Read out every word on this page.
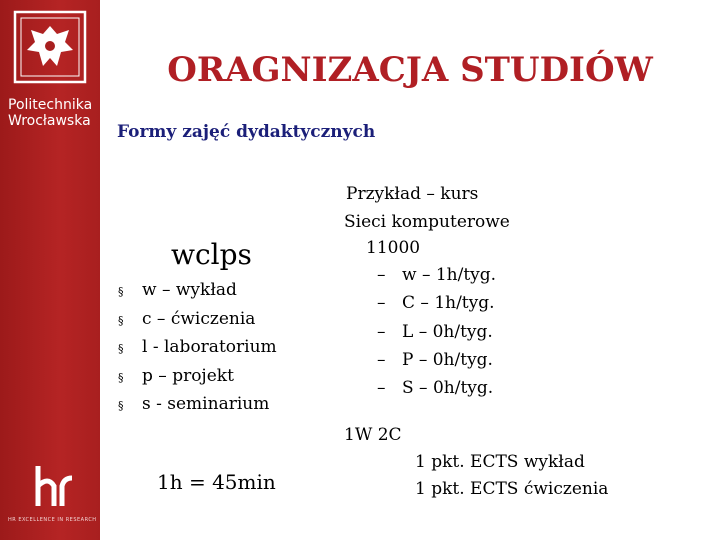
Politechnika
Wrocławska
HR EXCELLENCE IN RESEARCH
ORAGNIZACJA STUDIÓW

Formy zajęć dydaktycznych

wclps

§	w – wykład
§	c – ćwiczenia
§	l - laboratorium
§	p – projekt
§	s - seminarium

Przykład – kurs

Sieci komputerowe

11000

– w – 1h/tyg.
– C – 1h/tyg.
– L – 0h/tyg.
– P – 0h/tyg.
– S – 0h/tyg.

1W 2C

1h = 45min

1 pkt. ECTS wykład
1 pkt. ECTS ćwiczenia
